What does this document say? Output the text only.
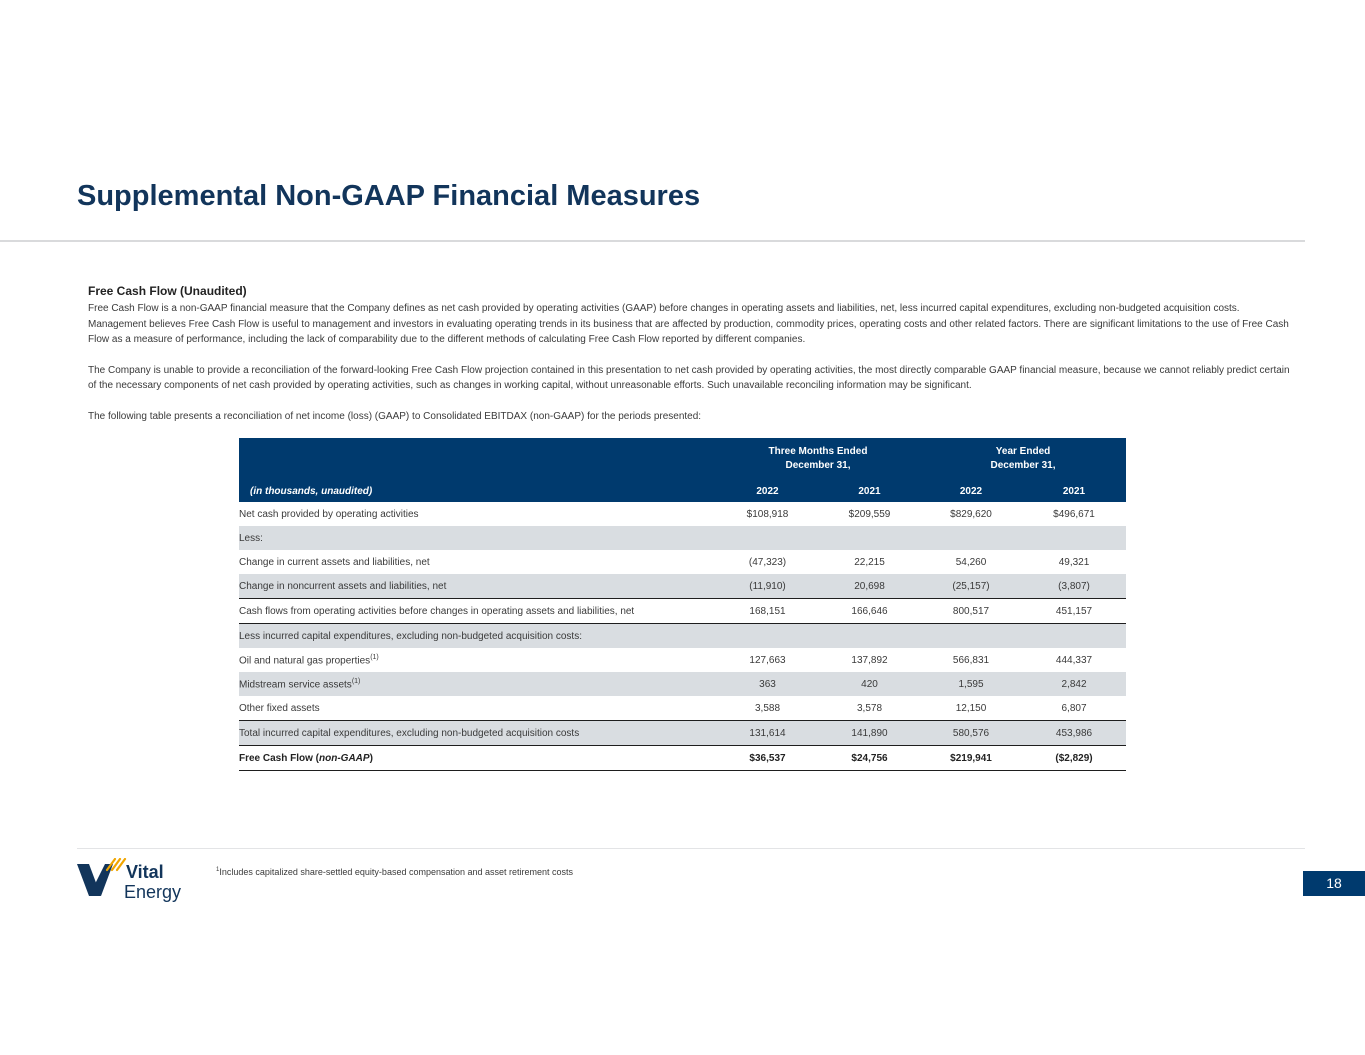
Supplemental Non-GAAP Financial Measures

Free Cash Flow (Unaudited)

Free Cash Flow is a non-GAAP financial measure that the Company defines as net cash provided by operating activities (GAAP) before changes in operating assets and liabilities, net, less incurred capital expenditures, excluding non-budgeted acquisition costs. Management believes Free Cash Flow is useful to management and investors in evaluating operating trends in its business that are affected by production, commodity prices, operating costs and other related factors. There are significant limitations to the use of Free Cash Flow as a measure of performance, including the lack of comparability due to the different methods of calculating Free Cash Flow reported by different companies.

The Company is unable to provide a reconciliation of the forward-looking Free Cash Flow projection contained in this presentation to net cash provided by operating activities, the most directly comparable GAAP financial measure, because we cannot reliably predict certain of the necessary components of net cash provided by operating activities, such as changes in working capital, without unreasonable efforts. Such unavailable reconciling information may be significant.

The following table presents a reconciliation of net income (loss) (GAAP) to Consolidated EBITDAX (non-GAAP) for the periods presented:

	Three Months Ended
December 31,		Year Ended
December 31,	
(in thousands, unaudited)	2022	2021	2022	2021
Net cash provided by operating activities	$108,918	$209,559	$829,620	$496,671
Less:				
Change in current assets and liabilities, net	(47,323)	22,215	54,260	49,321
Change in noncurrent assets and liabilities, net	(11,910)	20,698	(25,157)	(3,807)
Cash flows from operating activities before changes in operating assets and liabilities, net	168,151	166,646	800,517	451,157
Less incurred capital expenditures, excluding non-budgeted acquisition costs:				
Oil and natural gas properties$^{(1)}$	127,663	137,892	566,831	444,337
Midstream service assets$^{(1)}$	363	420	1,595	2,842
Other fixed assets	3,588	3,578	12,150	6,807
Total incurred capital expenditures, excluding non-budgeted acquisition costs	131,614	141,890	580,576	453,986
Free Cash Flow (non-GAAP)	$36,537	$24,756	$219,941	($2,829)
Vital
Energy
$^1$Includes capitalized share-settled equity-based compensation and asset retirement costs
18
